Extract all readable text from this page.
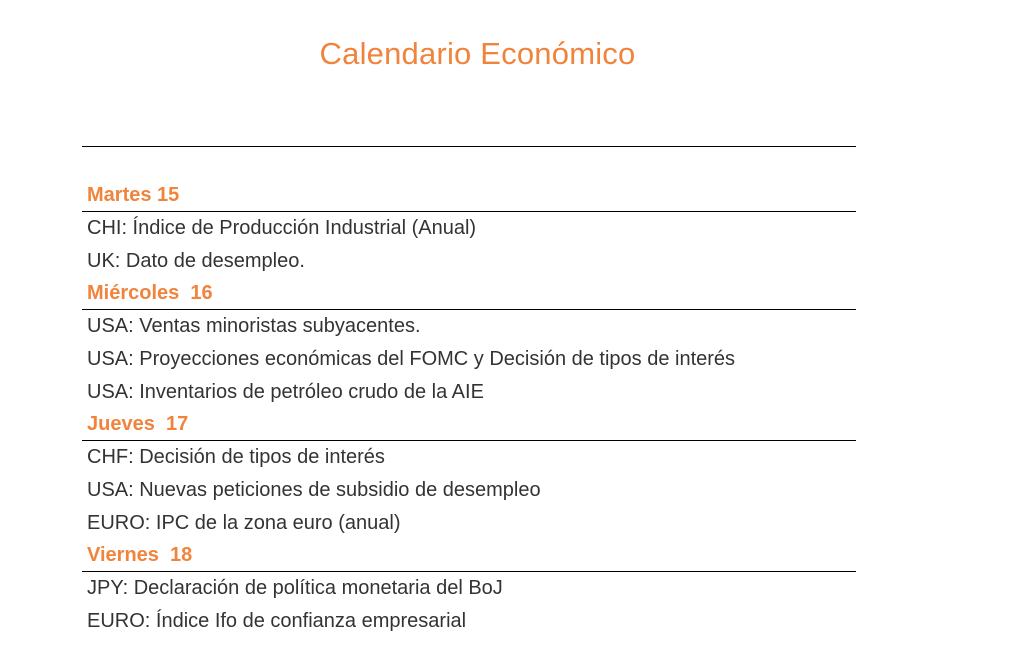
Calendario Económico
Martes 15
CHI: Índice de Producción Industrial (Anual)
UK: Dato de desempleo.
Miércoles  16
USA: Ventas minoristas subyacentes.
USA: Proyecciones económicas del FOMC y Decisión de tipos de interés
USA: Inventarios de petróleo crudo de la AIE
Jueves  17
CHF: Decisión de tipos de interés
USA: Nuevas peticiones de subsidio de desempleo
EURO: IPC de la zona euro (anual)
Viernes  18
JPY: Declaración de política monetaria del BoJ
EURO: Índice Ifo de confianza empresarial
